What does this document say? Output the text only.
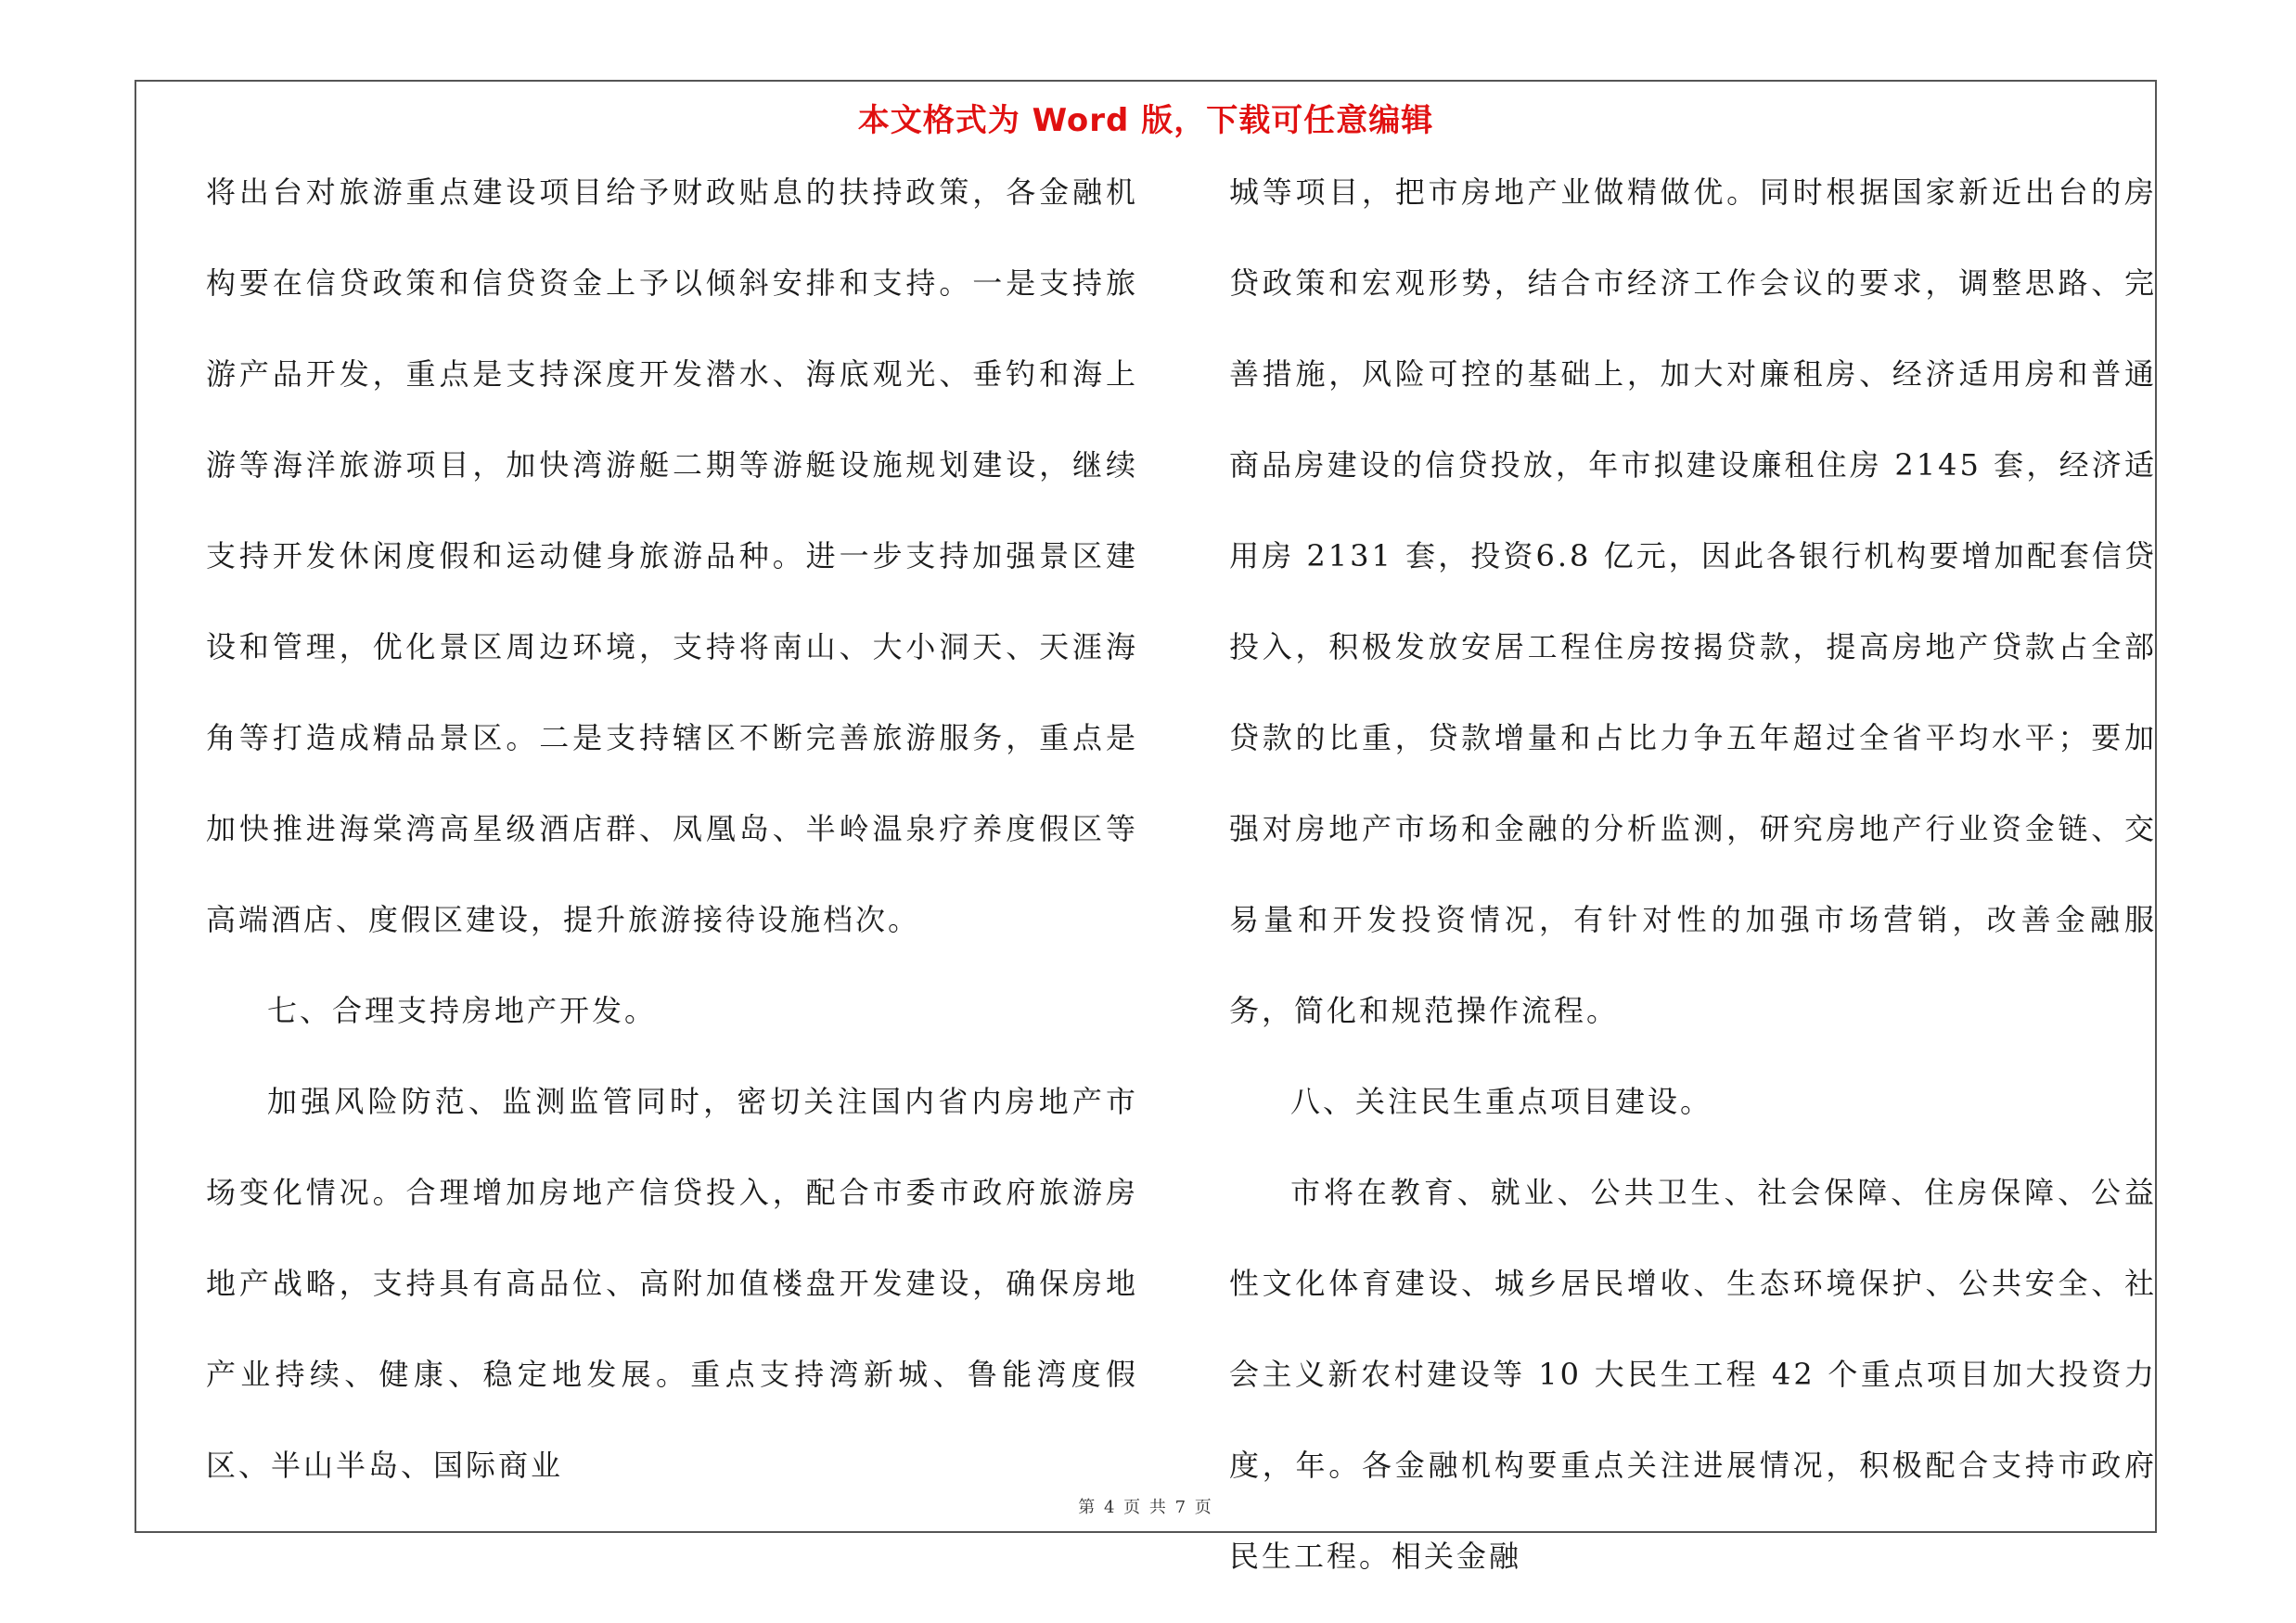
本文格式为 Word 版，下载可任意编辑

将出台对旅游重点建设项目给予财政贴息的扶持政策，各金融机构要在信贷政策和信贷资金上予以倾斜安排和支持。一是支持旅游产品开发，重点是支持深度开发潜水、海底观光、垂钓和海上游等海洋旅游项目，加快湾游艇二期等游艇设施规划建设，继续支持开发休闲度假和运动健身旅游品种。进一步支持加强景区建设和管理，优化景区周边环境，支持将南山、大小洞天、天涯海角等打造成精品景区。二是支持辖区不断完善旅游服务，重点是加快推进海棠湾高星级酒店群、凤凰岛、半岭温泉疗养度假区等高端酒店、度假区建设，提升旅游接待设施档次。

七、合理支持房地产开发。

加强风险防范、监测监管同时，密切关注国内省内房地产市场变化情况。合理增加房地产信贷投入，配合市委市政府旅游房地产战略，支持具有高品位、高附加值楼盘开发建设，确保房地产业持续、健康、稳定地发展。重点支持湾新城、鲁能湾度假区、半山半岛、国际商业

城等项目，把市房地产业做精做优。同时根据国家新近出台的房贷政策和宏观形势，结合市经济工作会议的要求，调整思路、完善措施，风险可控的基础上，加大对廉租房、经济适用房和普通商品房建设的信贷投放，年市拟建设廉租住房 2145 套，经济适用房 2131 套，投资6.8 亿元，因此各银行机构要增加配套信贷投入，积极发放安居工程住房按揭贷款，提高房地产贷款占全部贷款的比重，贷款增量和占比力争五年超过全省平均水平；要加强对房地产市场和金融的分析监测，研究房地产行业资金链、交易量和开发投资情况，有针对性的加强市场营销，改善金融服务，简化和规范操作流程。

八、关注民生重点项目建设。

市将在教育、就业、公共卫生、社会保障、住房保障、公益性文化体育建设、城乡居民增收、生态环境保护、公共安全、社会主义新农村建设等 10 大民生工程 42 个重点项目加大投资力度，年。各金融机构要重点关注进展情况，积极配合支持市政府民生工程。相关金融

第 4 页 共 7 页
